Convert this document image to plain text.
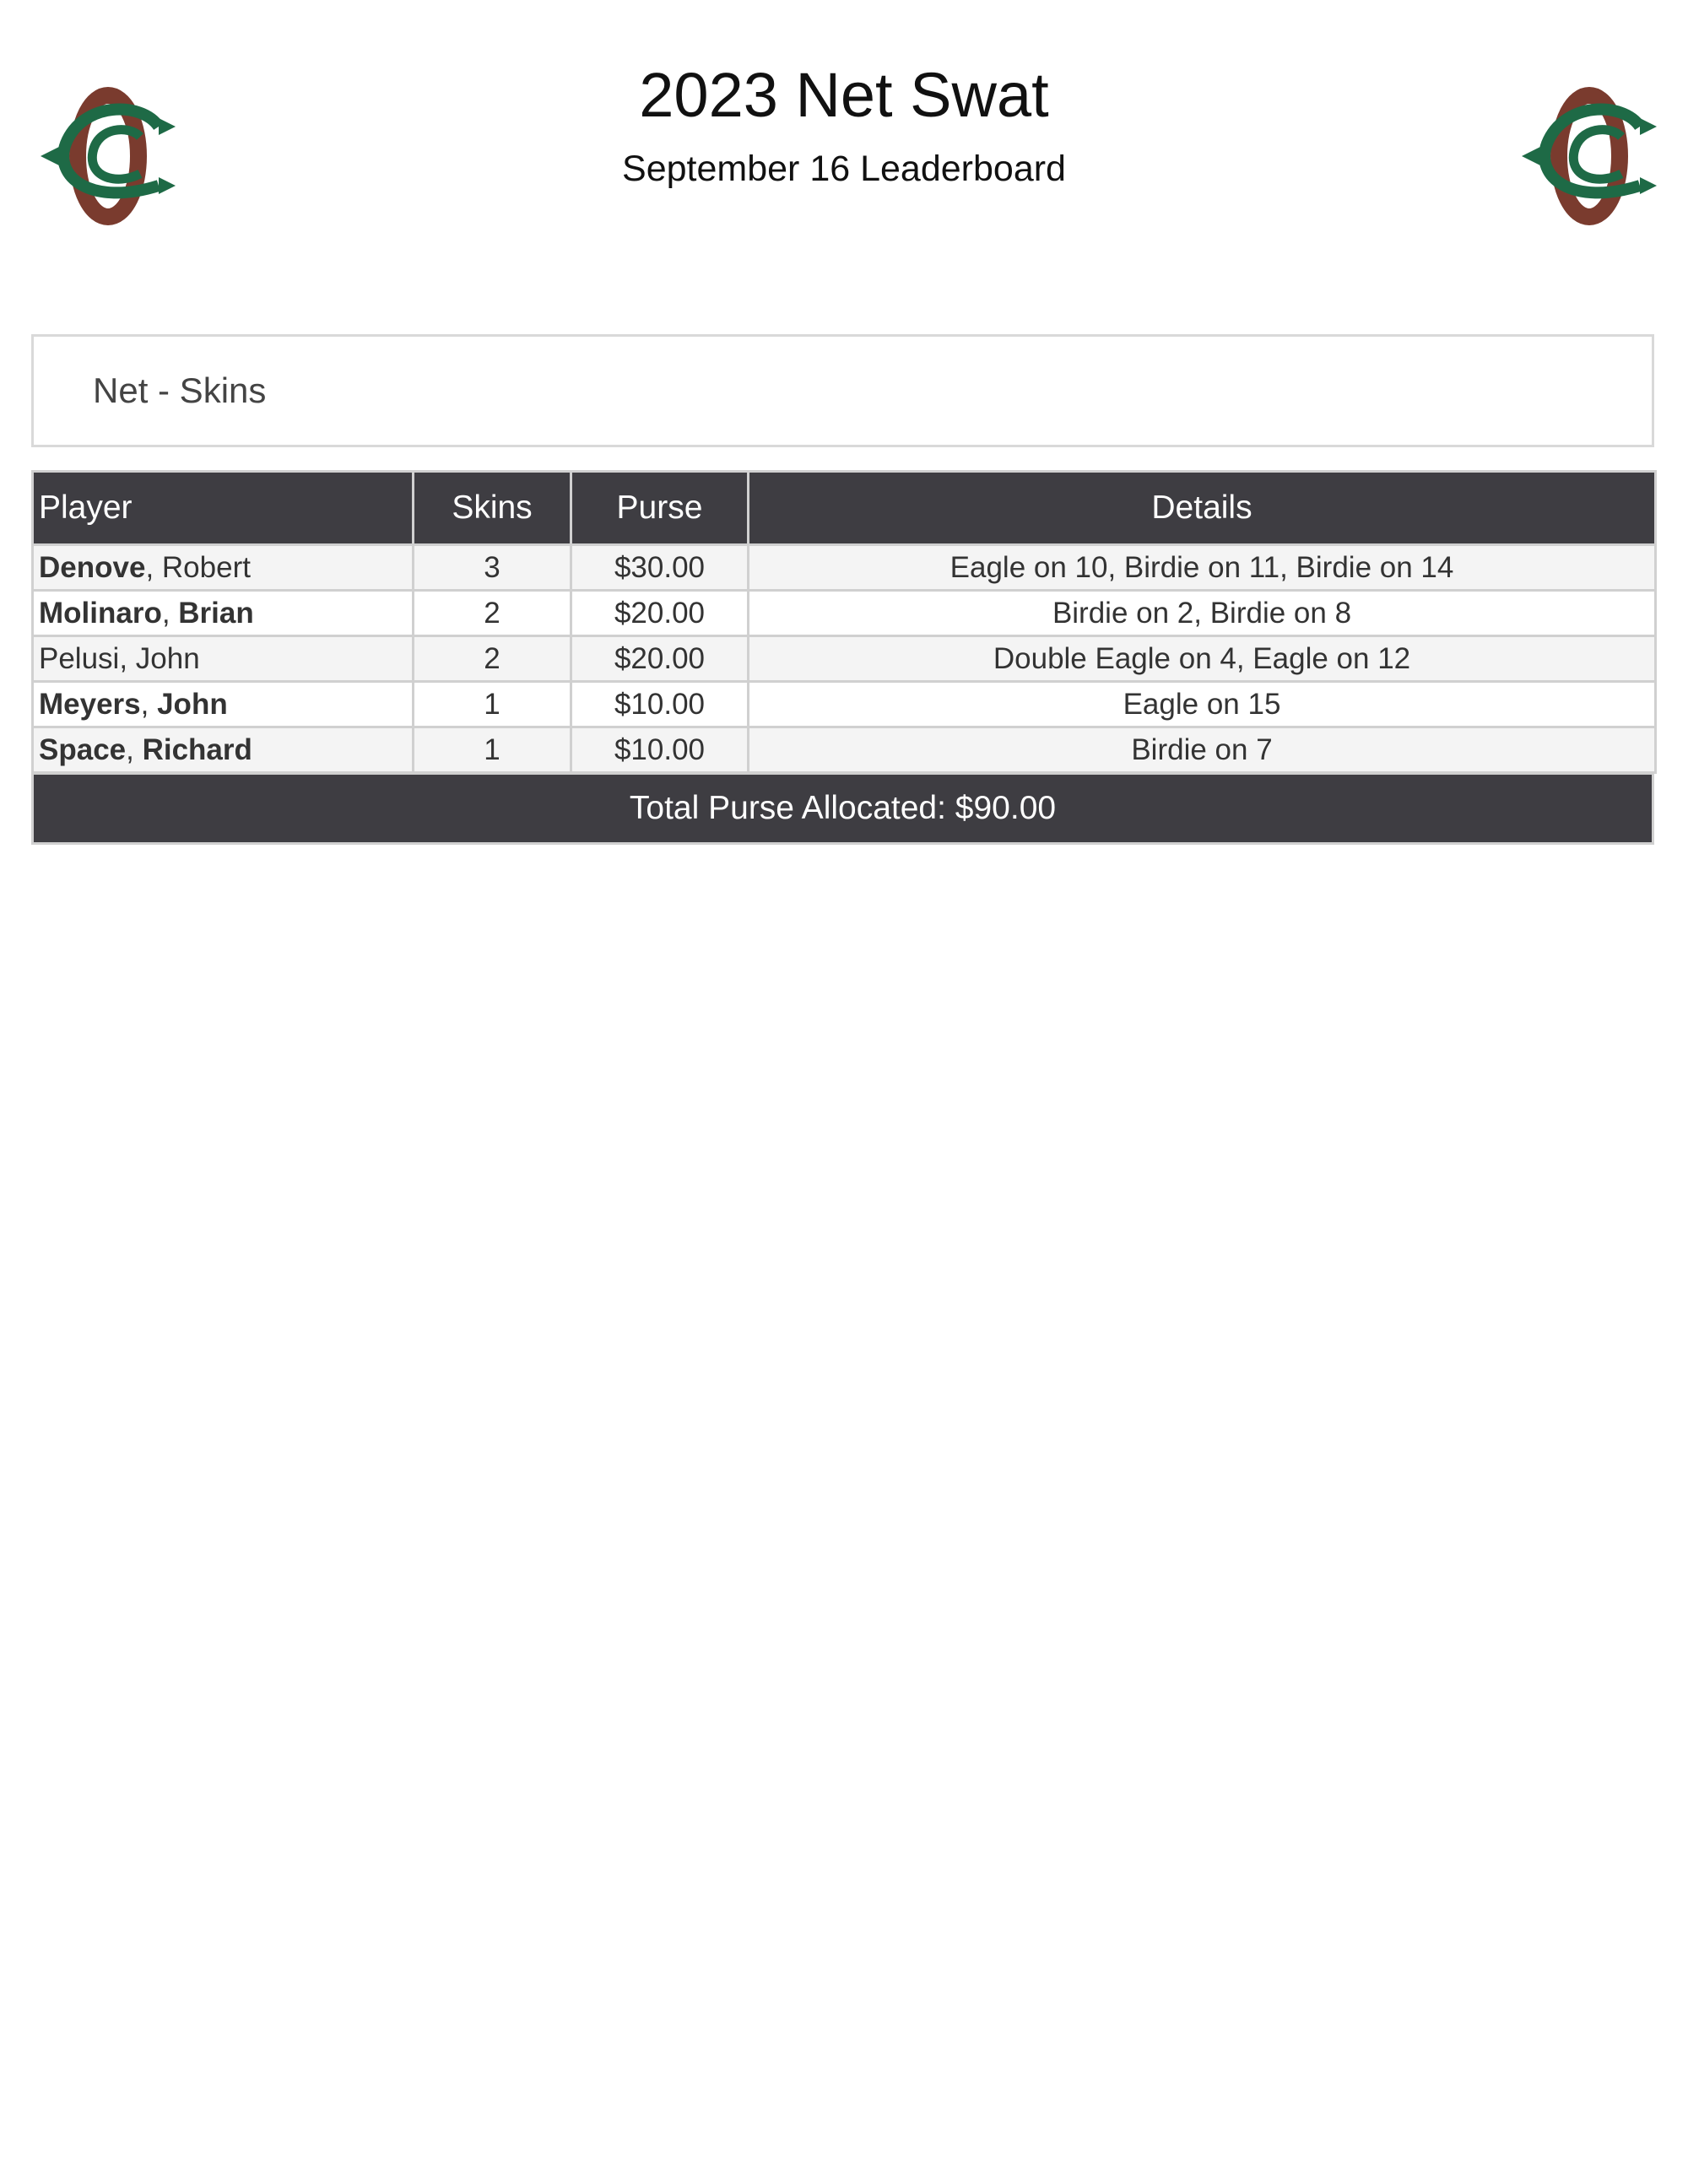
2023 Net Swat
September 16 Leaderboard
Net - Skins
Player	Skins	Purse	Details
Denove, Robert	3	$30.00	Eagle on 10, Birdie on 11, Birdie on 14
Molinaro, Brian	2	$20.00	Birdie on 2, Birdie on 8
Pelusi, John	2	$20.00	Double Eagle on 4, Eagle on 12
Meyers, John	1	$10.00	Eagle on 15
Space, Richard	1	$10.00	Birdie on 7
Total Purse Allocated: $90.00
